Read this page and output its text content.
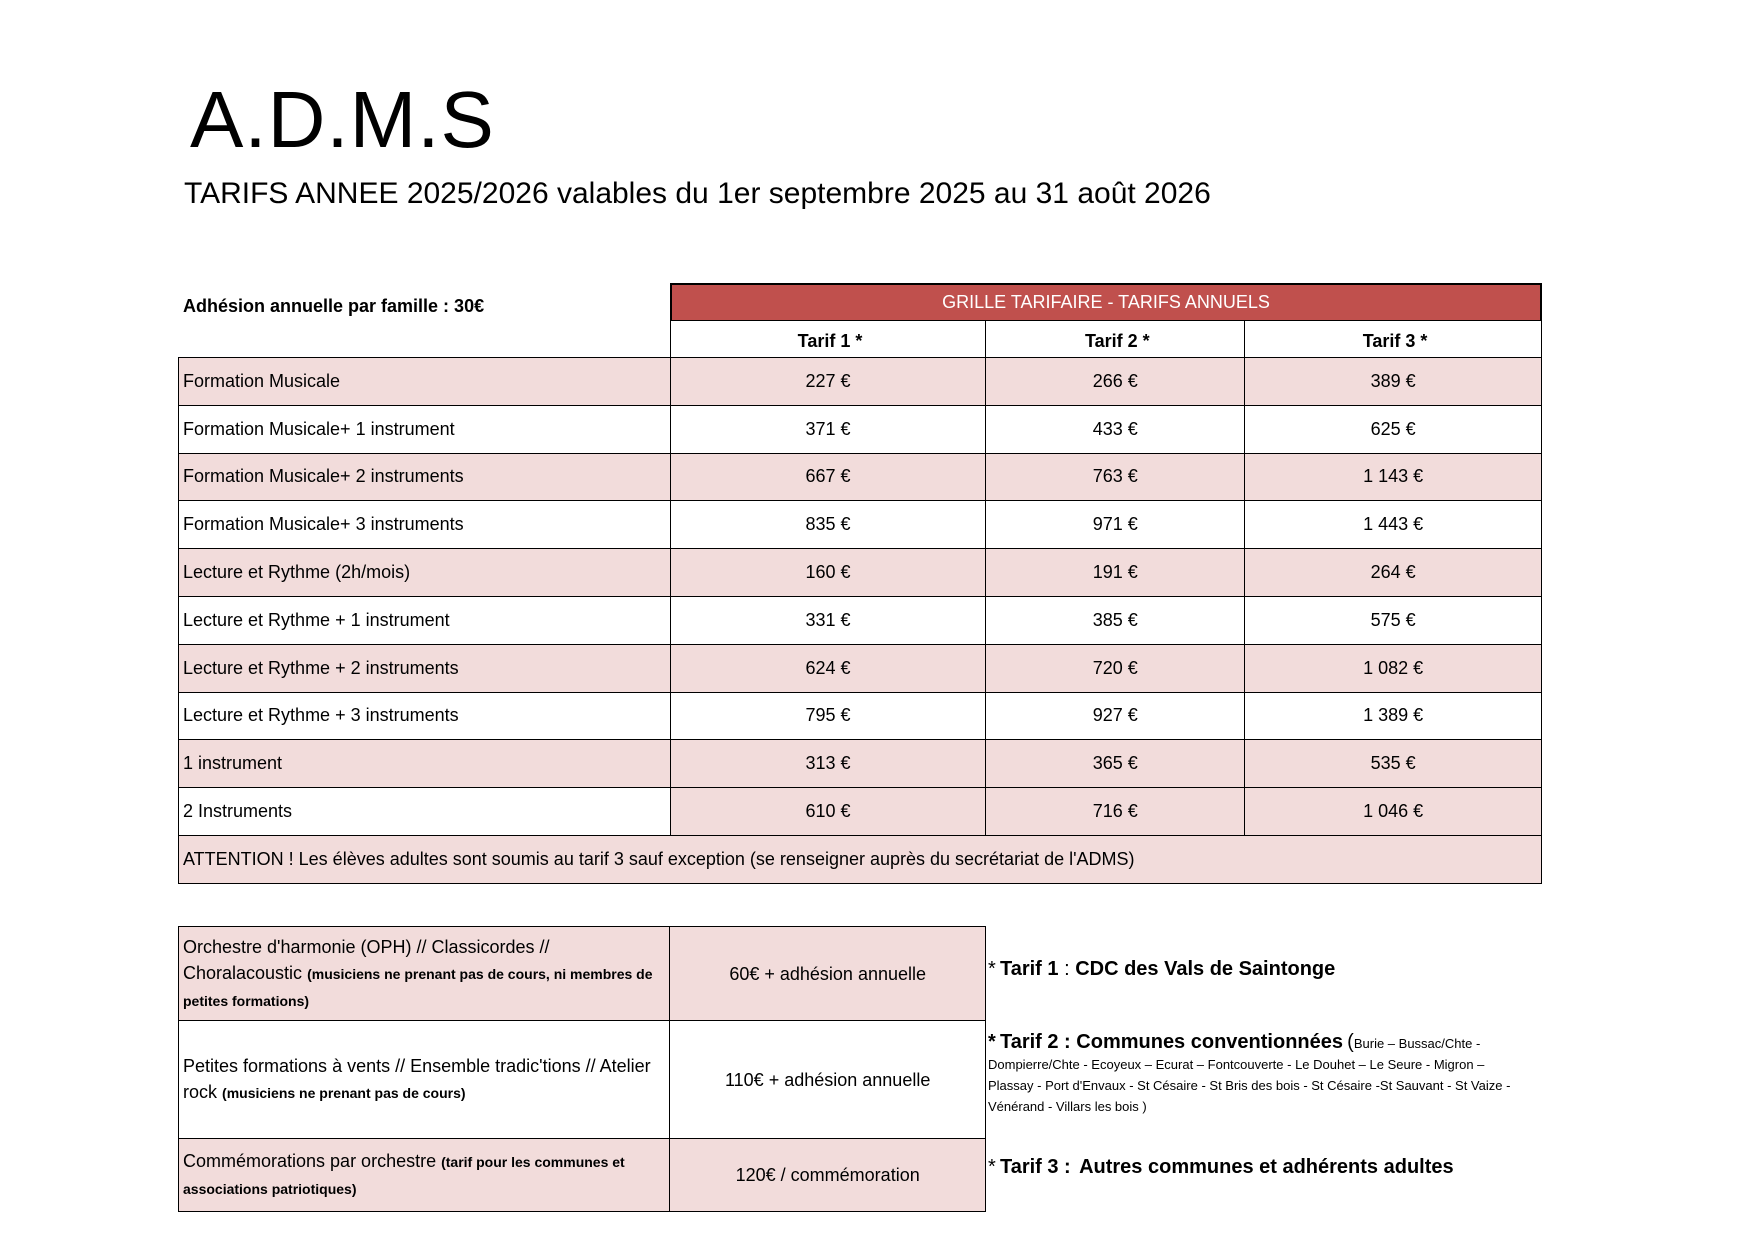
A.D.M.S

TARIFS ANNEE 2025/2026 valables du 1er septembre 2025 au 31 août 2026

Adhésion annuelle par famille : 30€	GRILLE TARIFAIRE - TARIFS ANNUELS
	Tarif 1 *	Tarif 2 *	Tarif 3 *
Formation Musicale	227 €	266 €	389 €
Formation Musicale+ 1 instrument	371 €	433 €	625 €
Formation Musicale+ 2 instruments	667 €	763 €	1 143 €
Formation Musicale+ 3 instruments	835 €	971 €	1 443 €
Lecture et Rythme (2h/mois)	160 €	191 €	264 €
Lecture et Rythme + 1 instrument	331 €	385 €	575 €
Lecture et Rythme + 2 instruments	624 €	720 €	1 082 €
Lecture et Rythme + 3 instruments	795 €	927 €	1 389 €
1 instrument	313 €	365 €	535 €
2 Instruments	610 €	716 €	1 046 €
ATTENTION ! Les élèves adultes sont soumis au tarif 3 sauf exception (se renseigner auprès du secrétariat de l'ADMS)			
Orchestre d'harmonie (OPH) // Classicordes // Choralacoustic (musiciens ne prenant pas de cours, ni membres de petites formations)	60€ + adhésion annuelle
Petites formations à vents // Ensemble tradic'tions // Atelier rock (musiciens ne prenant pas de cours)	110€ + adhésion annuelle
Commémorations par orchestre (tarif pour les communes et associations patriotiques)	120€ / commémoration
* Tarif 1 : CDC des Vals de Saintonge
* Tarif 2 : Communes conventionnées (Burie – Bussac/Chte - Dompierre/Chte - Ecoyeux – Ecurat – Fontcouverte - Le Douhet – Le Seure - Migron – Plassay - Port d'Envaux - St Césaire - St Bris des bois - St Césaire -St Sauvant - St Vaize - Vénérand - Villars les bois )
* Tarif 3 : Autres communes et adhérents adultes
